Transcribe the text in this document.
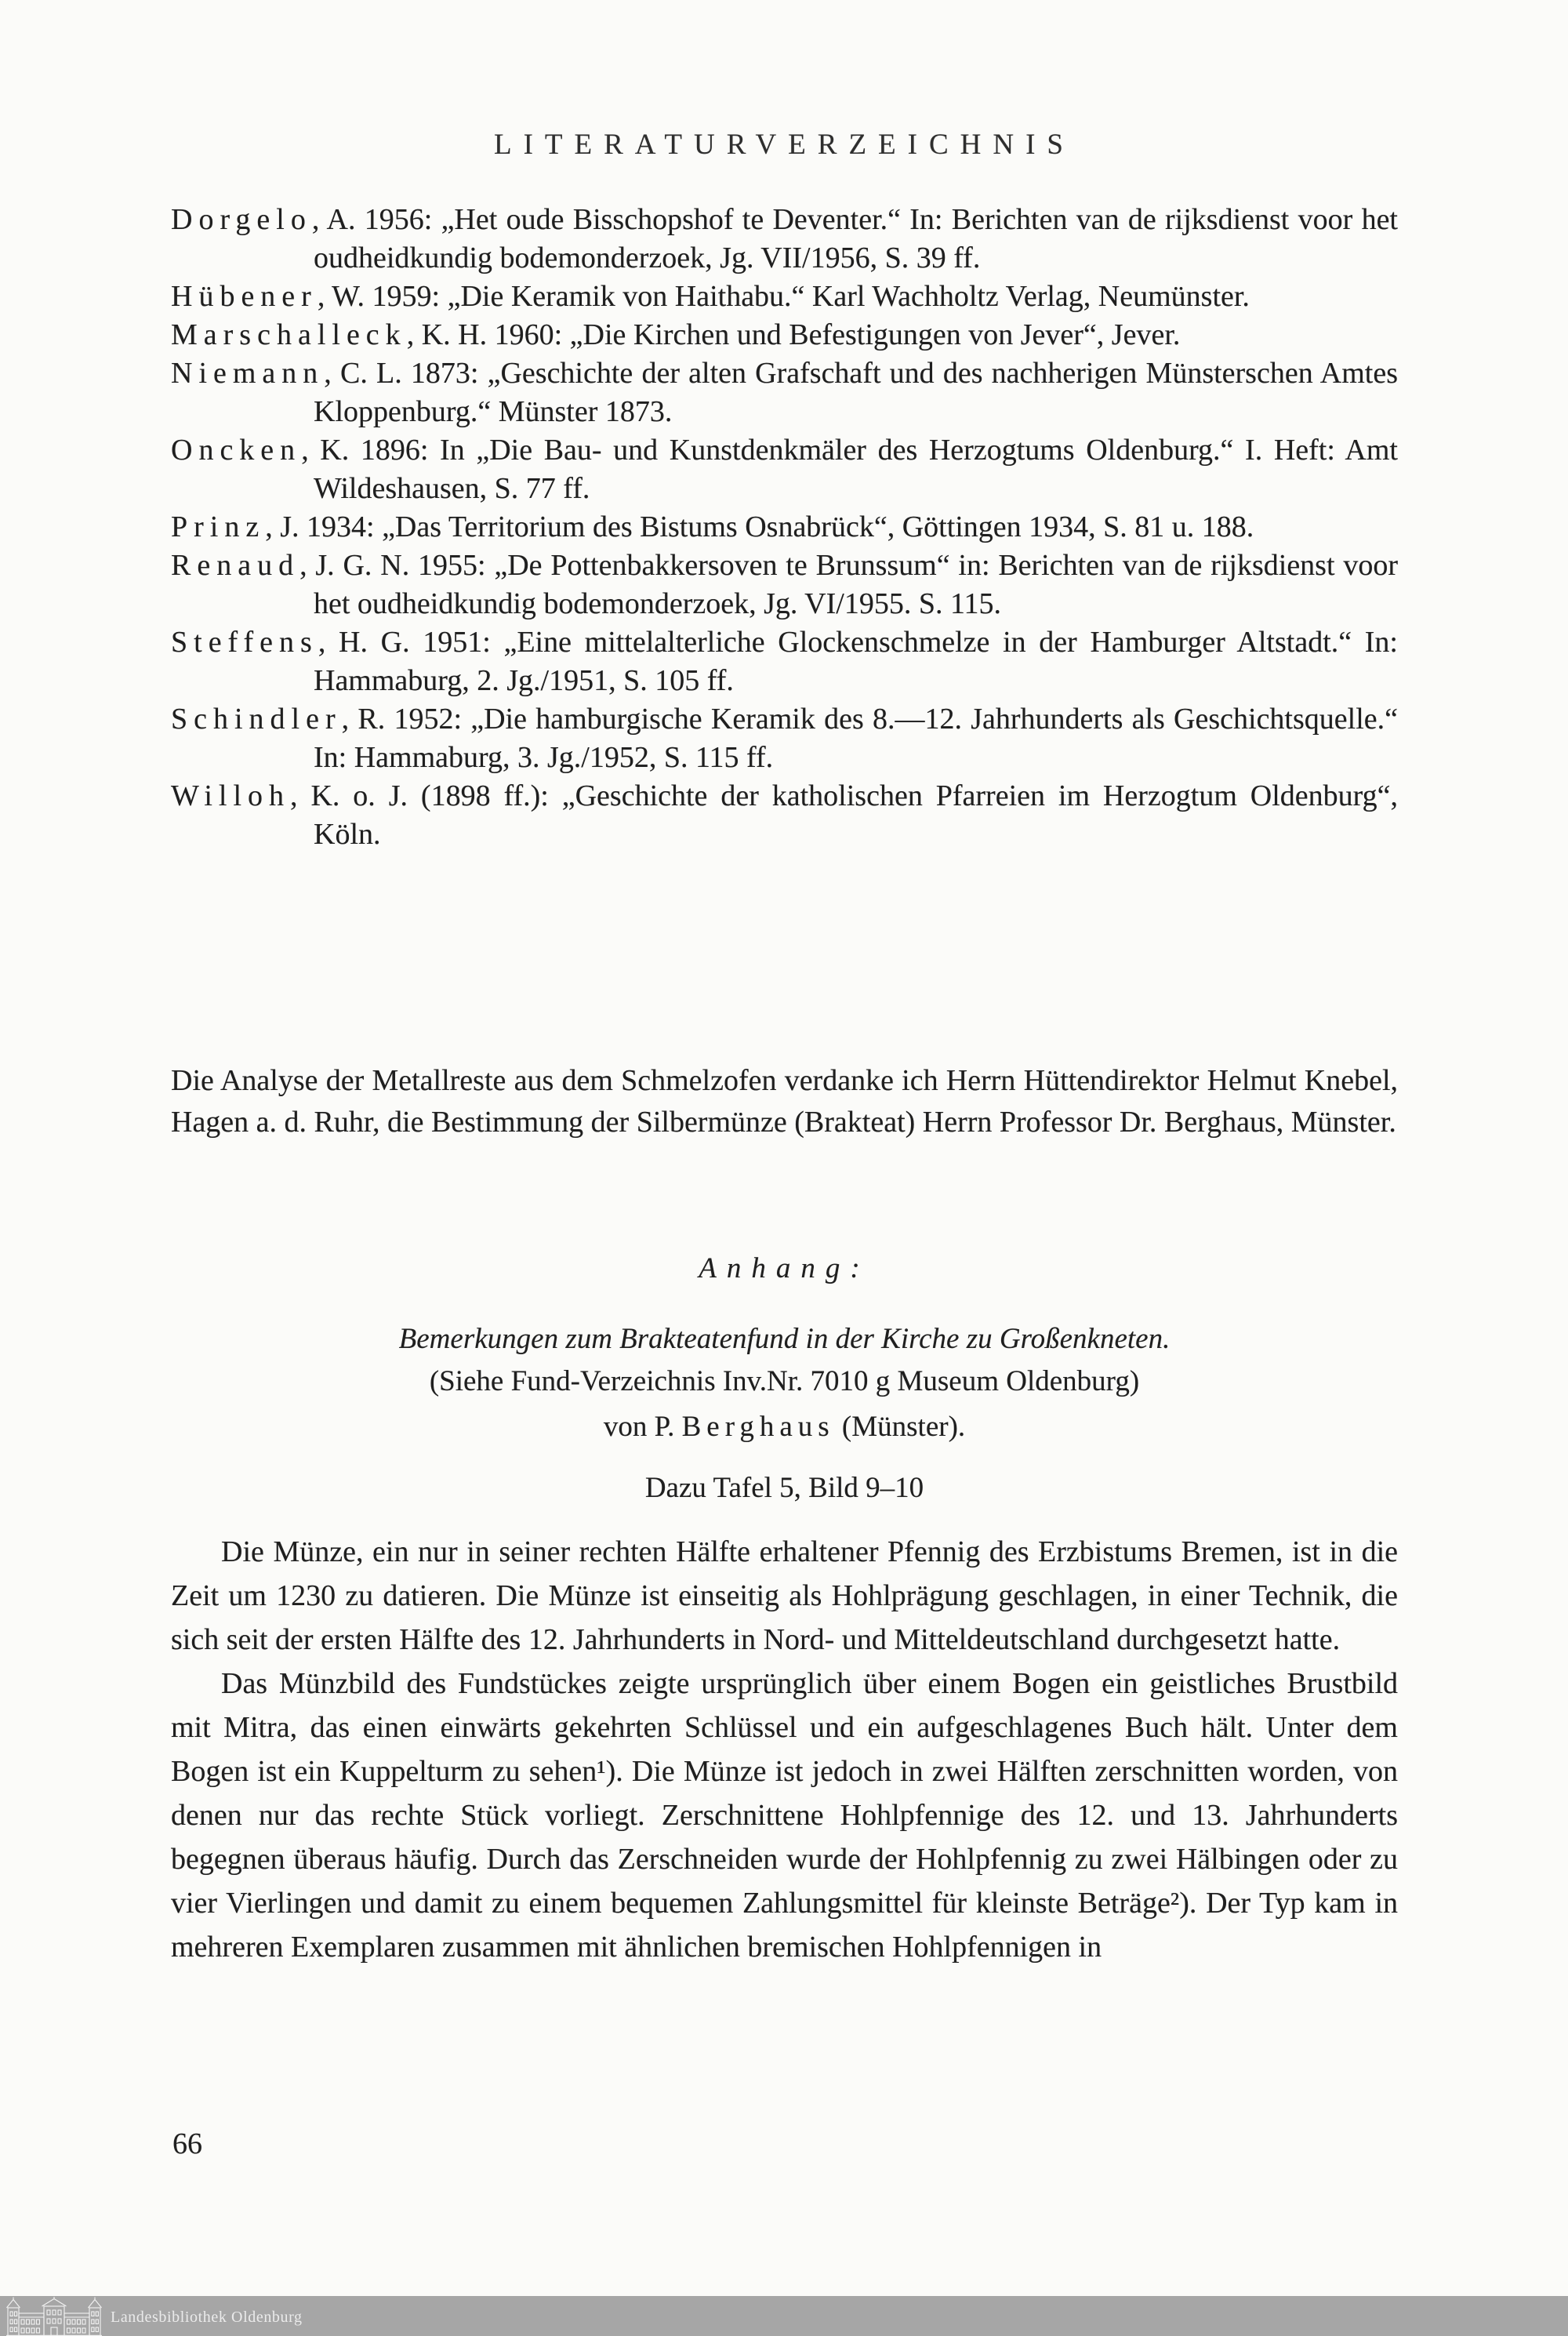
LITERATURVERZEICHNIS

Dorgelo, A. 1956: „Het oude Bisschopshof te Deventer.“ In: Berichten van de rijksdienst voor het oudheidkundig bodemonderzoek, Jg. VII/1956, S. 39 ff.

Hübener, W. 1959: „Die Keramik von Haithabu.“ Karl Wachholtz Verlag, Neumünster.

Marschalleck, K. H. 1960: „Die Kirchen und Befestigungen von Jever“, Jever.

Niemann, C. L. 1873: „Geschichte der alten Grafschaft und des nachherigen Münsterschen Amtes Kloppenburg.“ Münster 1873.

Oncken, K. 1896: In „Die Bau- und Kunstdenkmäler des Herzogtums Oldenburg.“ I. Heft: Amt Wildeshausen, S. 77 ff.

Prinz, J. 1934: „Das Territorium des Bistums Osnabrück“, Göttingen 1934, S. 81 u. 188.

Renaud, J. G. N. 1955: „De Pottenbakkersoven te Brunssum“ in: Berichten van de rijksdienst voor het oudheidkundig bodemonderzoek, Jg. VI/1955. S. 115.

Steffens, H. G. 1951: „Eine mittelalterliche Glockenschmelze in der Hamburger Altstadt.“ In: Hammaburg, 2. Jg./1951, S. 105 ff.

Schindler, R. 1952: „Die hamburgische Keramik des 8.—12. Jahrhunderts als Geschichtsquelle.“ In: Hammaburg, 3. Jg./1952, S. 115 ff.

Willoh, K. o. J. (1898 ff.): „Geschichte der katholischen Pfarreien im Herzogtum Oldenburg“, Köln.

Die Analyse der Metallreste aus dem Schmelzofen verdanke ich Herrn Hüttendirektor Helmut Knebel, Hagen a. d. Ruhr, die Bestimmung der Silbermünze (Brakteat) Herrn Professor Dr. Berghaus, Münster.

Anhang:
Bemerkungen zum Brakteatenfund in der Kirche zu Großenkneten.
(Siehe Fund-Verzeichnis Inv.Nr. 7010 g Museum Oldenburg)
von P. Berghaus (Münster).
Dazu Tafel 5, Bild 9–10

Die Münze, ein nur in seiner rechten Hälfte erhaltener Pfennig des Erzbistums Bremen, ist in die Zeit um 1230 zu datieren. Die Münze ist einseitig als Hohlprägung geschlagen, in einer Technik, die sich seit der ersten Hälfte des 12. Jahrhunderts in Nord- und Mitteldeutschland durchgesetzt hatte.

Das Münzbild des Fundstückes zeigte ursprünglich über einem Bogen ein geistliches Brustbild mit Mitra, das einen einwärts gekehrten Schlüssel und ein aufgeschlagenes Buch hält. Unter dem Bogen ist ein Kuppelturm zu sehen¹). Die Münze ist jedoch in zwei Hälften zerschnitten worden, von denen nur das rechte Stück vorliegt. Zerschnittene Hohlpfennige des 12. und 13. Jahrhunderts begegnen überaus häufig. Durch das Zerschneiden wurde der Hohlpfennig zu zwei Hälbingen oder zu vier Vierlingen und damit zu einem bequemen Zahlungsmittel für kleinste Beträge²). Der Typ kam in mehreren Exemplaren zusammen mit ähnlichen bremischen Hohlpfennigen in

66
Landesbibliothek Oldenburg
